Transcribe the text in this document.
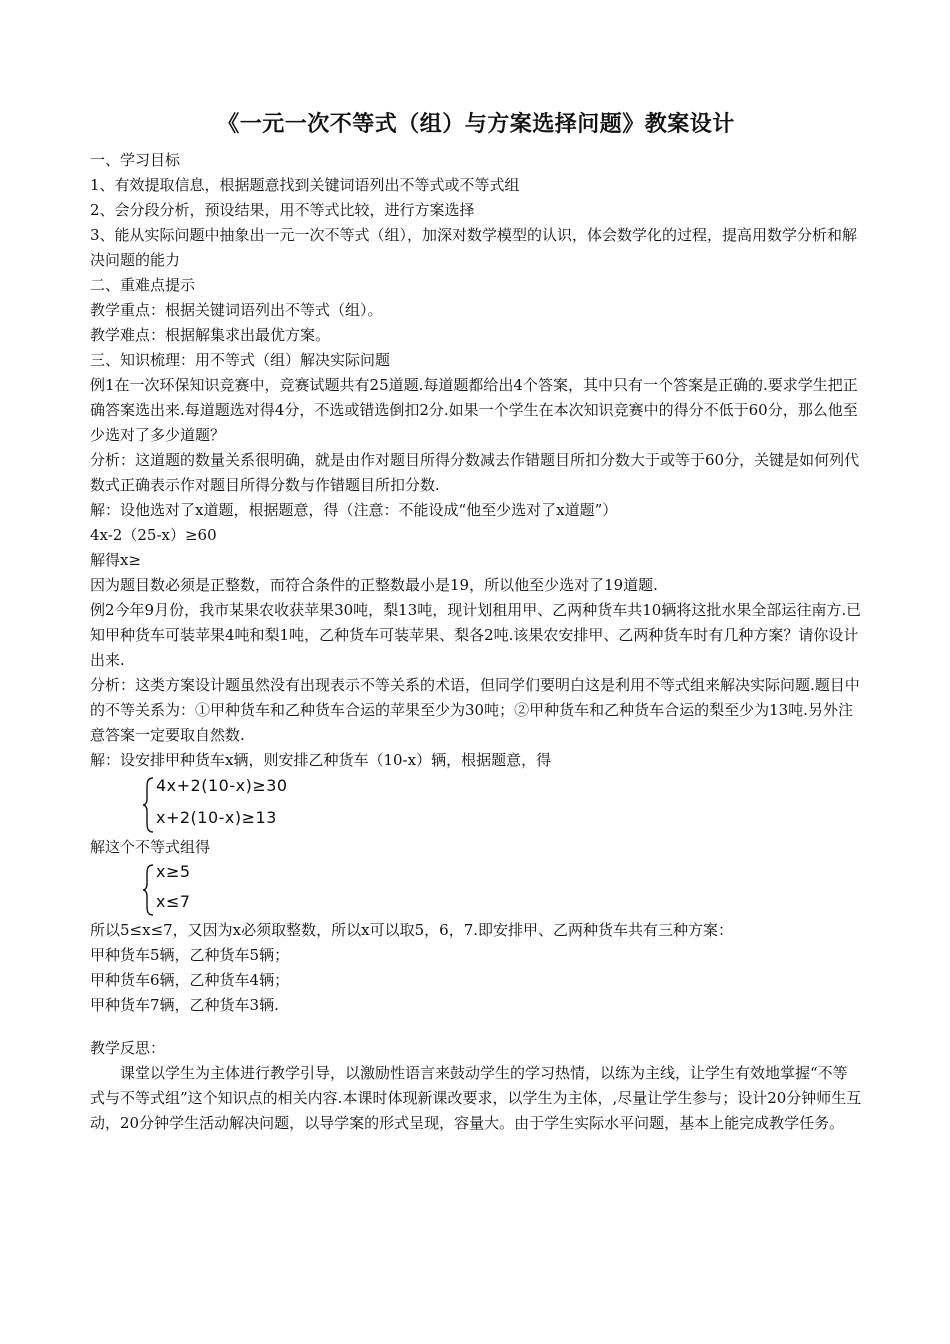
《一元一次不等式（组）与方案选择问题》教案设计

一、学习目标

1、有效提取信息，根据题意找到关键词语列出不等式或不等式组

2、会分段分析，预设结果，用不等式比较，进行方案选择

3、能从实际问题中抽象出一元一次不等式（组），加深对数学模型的认识，体会数学化的过程，提高用数学分析和解决问题的能力

二、重难点提示

教学重点：根据关键词语列出不等式（组）。

教学难点：根据解集求出最优方案。

三、知识梳理：用不等式（组）解决实际问题

例1在一次环保知识竞赛中，竞赛试题共有25道题.每道题都给出4个答案，其中只有一个答案是正确的.要求学生把正确答案选出来.每道题选对得4分，不选或错选倒扣2分.如果一个学生在本次知识竞赛中的得分不低于60分，那么他至少选对了多少道题？

分析：这道题的数量关系很明确，就是由作对题目所得分数减去作错题目所扣分数大于或等于60分，关键是如何列代数式正确表示作对题目所得分数与作错题目所扣分数.

解：设他选对了x道题，根据题意，得（注意：不能设成“他至少选对了x道题”）

4x-2（25-x）≥60

解得x≥

因为题目数必须是正整数，而符合条件的正整数最小是19，所以他至少选对了19道题.

例2今年9月份，我市某果农收获苹果30吨，梨13吨，现计划租用甲、乙两种货车共10辆将这批水果全部运往南方.已知甲种货车可装苹果4吨和梨1吨，乙种货车可装苹果、梨各2吨.该果农安排甲、乙两种货车时有几种方案？请你设计出来.

分析：这类方案设计题虽然没有出现表示不等关系的术语，但同学们要明白这是利用不等式组来解决实际问题.题目中的不等关系为：①甲种货车和乙种货车合运的苹果至少为30吨；②甲种货车和乙种货车合运的梨至少为13吨.另外注意答案一定要取自然数.

解：设安排甲种货车x辆，则安排乙种货车（10-x）辆，根据题意，得

4x+2(10-x)≥30
x+2(10-x)≥13

解这个不等式组得

x≥5
x≤7

所以5≤x≤7，又因为x必须取整数，所以x可以取5，6，7.即安排甲、乙两种货车共有三种方案：

甲种货车5辆，乙种货车5辆；

甲种货车6辆，乙种货车4辆；

甲种货车7辆，乙种货车3辆.

教学反思：

课堂以学生为主体进行教学引导，以激励性语言来鼓动学生的学习热情，以练为主线，让学生有效地掌握“不等式与不等式组”这个知识点的相关内容.本课时体现新课改要求，以学生为主体，,尽量让学生参与；设计20分钟师生互动，20分钟学生活动解决问题，以导学案的形式呈现，容量大。由于学生实际水平问题，基本上能完成教学任务。
